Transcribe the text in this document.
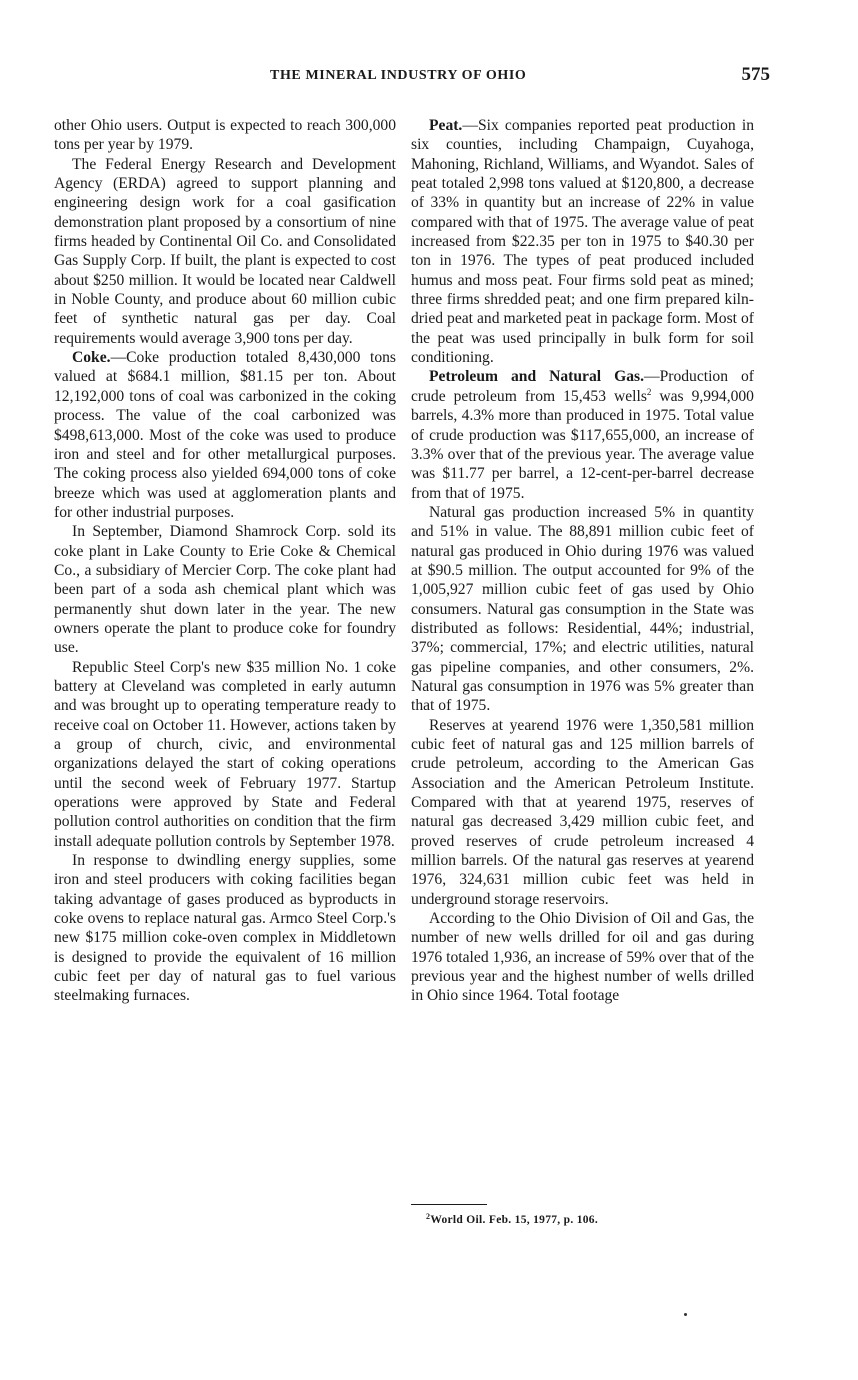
THE MINERAL INDUSTRY OF OHIO	575

other Ohio users. Output is expected to reach 300,000 tons per year by 1979.

The Federal Energy Research and Development Agency (ERDA) agreed to support planning and engineering design work for a coal gasification demonstration plant proposed by a consortium of nine firms headed by Continental Oil Co. and Consolidated Gas Supply Corp. If built, the plant is expected to cost about $250 million. It would be located near Caldwell in Noble County, and produce about 60 million cubic feet of synthetic natural gas per day. Coal requirements would average 3,900 tons per day.

Coke.—Coke production totaled 8,430,000 tons valued at $684.1 million, $81.15 per ton. About 12,192,000 tons of coal was carbonized in the coking process. The value of the coal carbonized was $498,613,000. Most of the coke was used to produce iron and steel and for other metallurgical purposes. The coking process also yielded 694,000 tons of coke breeze which was used at agglomeration plants and for other industrial purposes.

In September, Diamond Shamrock Corp. sold its coke plant in Lake County to Erie Coke & Chemical Co., a subsidiary of Mercier Corp. The coke plant had been part of a soda ash chemical plant which was permanently shut down later in the year. The new owners operate the plant to produce coke for foundry use.

Republic Steel Corp's new $35 million No. 1 coke battery at Cleveland was completed in early autumn and was brought up to operating temperature ready to receive coal on October 11. However, actions taken by a group of church, civic, and environmental organizations delayed the start of coking operations until the second week of February 1977. Startup operations were approved by State and Federal pollution control authorities on condition that the firm install adequate pollution controls by September 1978.

In response to dwindling energy supplies, some iron and steel producers with coking facilities began taking advantage of gases produced as byproducts in coke ovens to replace natural gas. Armco Steel Corp.'s new $175 million coke-oven complex in Middletown is designed to provide the equivalent of 16 million cubic feet per day of natural gas to fuel various steelmaking furnaces.

Peat.—Six companies reported peat production in six counties, including Champaign, Cuyahoga, Mahoning, Richland, Williams, and Wyandot. Sales of peat totaled 2,998 tons valued at $120,800, a decrease of 33% in quantity but an increase of 22% in value compared with that of 1975. The average value of peat increased from $22.35 per ton in 1975 to $40.30 per ton in 1976. The types of peat produced included humus and moss peat. Four firms sold peat as mined; three firms shredded peat; and one firm prepared kiln-dried peat and marketed peat in package form. Most of the peat was used principally in bulk form for soil conditioning.

Petroleum and Natural Gas.—Production of crude petroleum from 15,453 wells$^2$ was 9,994,000 barrels, 4.3% more than produced in 1975. Total value of crude production was $117,655,000, an increase of 3.3% over that of the previous year. The average value was $11.77 per barrel, a 12-cent-per-barrel decrease from that of 1975.

Natural gas production increased 5% in quantity and 51% in value. The 88,891 million cubic feet of natural gas produced in Ohio during 1976 was valued at $90.5 million. The output accounted for 9% of the 1,005,927 million cubic feet of gas used by Ohio consumers. Natural gas consumption in the State was distributed as follows: Residential, 44%; industrial, 37%; commercial, 17%; and electric utilities, natural gas pipeline companies, and other consumers, 2%. Natural gas consumption in 1976 was 5% greater than that of 1975.

Reserves at yearend 1976 were 1,350,581 million cubic feet of natural gas and 125 million barrels of crude petroleum, according to the American Gas Association and the American Petroleum Institute. Compared with that at yearend 1975, reserves of natural gas decreased 3,429 million cubic feet, and proved reserves of crude petroleum increased 4 million barrels. Of the natural gas reserves at yearend 1976, 324,631 million cubic feet was held in underground storage reservoirs.

According to the Ohio Division of Oil and Gas, the number of new wells drilled for oil and gas during 1976 totaled 1,936, an increase of 59% over that of the previous year and the highest number of wells drilled in Ohio since 1964. Total footage

$^2$World Oil. Feb. 15, 1977, p. 106.
